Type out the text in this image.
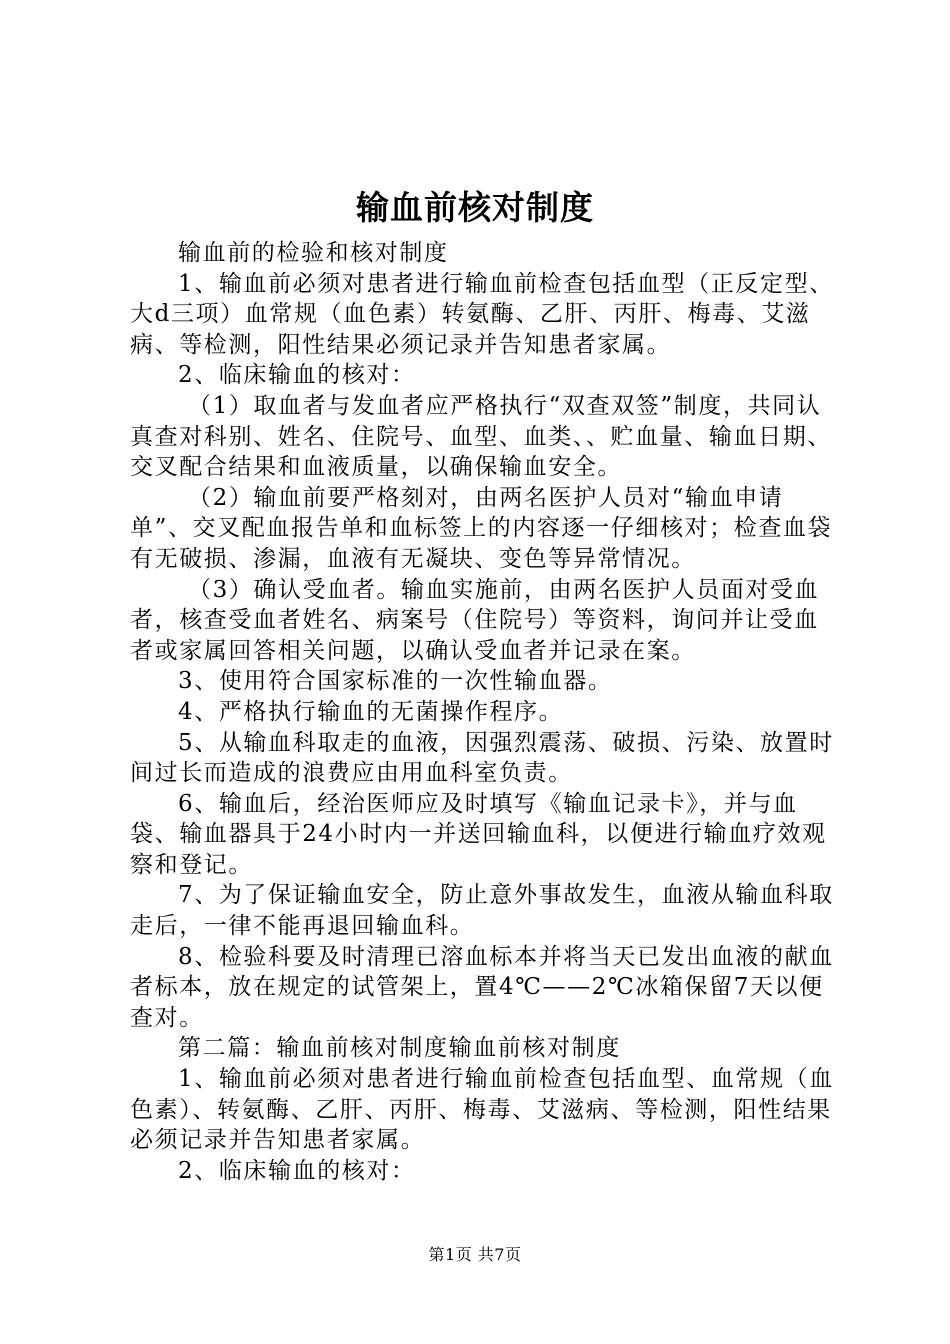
输血前核对制度

输血前的检验和核对制度

1、输血前必须对患者进行输血前检查包括血型（正反定型、大d三项）血常规（血色素）转氨酶、乙肝、丙肝、梅毒、艾滋病、等检测，阳性结果必须记录并告知患者家属。

2、临床输血的核对：

（1）取血者与发血者应严格执行“双查双签”制度，共同认真查对科别、姓名、住院号、血型、血类、、贮血量、输血日期、交叉配合结果和血液质量，以确保输血安全。

（2）输血前要严格刻对，由两名医护人员对“输血申请单”、交叉配血报告单和血标签上的内容逐一仔细核对；检查血袋有无破损、渗漏，血液有无凝块、变色等异常情况。

（3）确认受血者。输血实施前，由两名医护人员面对受血者，核查受血者姓名、病案号（住院号）等资料，询问并让受血者或家属回答相关问题，以确认受血者并记录在案。

3、使用符合国家标准的一次性输血器。

4、严格执行输血的无菌操作程序。

5、从输血科取走的血液，因强烈震荡、破损、污染、放置时间过长而造成的浪费应由用血科室负责。

6、输血后，经治医师应及时填写《输血记录卡》，并与血袋、输血器具于24小时内一并送回输血科，以便进行输血疗效观察和登记。

7、为了保证输血安全，防止意外事故发生，血液从输血科取走后，一律不能再退回输血科。

8、检验科要及时清理已溶血标本并将当天已发出血液的献血者标本，放在规定的试管架上，置4℃——2℃冰箱保留7天以便查对。

第二篇：输血前核对制度输血前核对制度

1、输血前必须对患者进行输血前检查包括血型、血常规（血色素）、转氨酶、乙肝、丙肝、梅毒、艾滋病、等检测，阳性结果必须记录并告知患者家属。

2、临床输血的核对：

第1页 共7页
